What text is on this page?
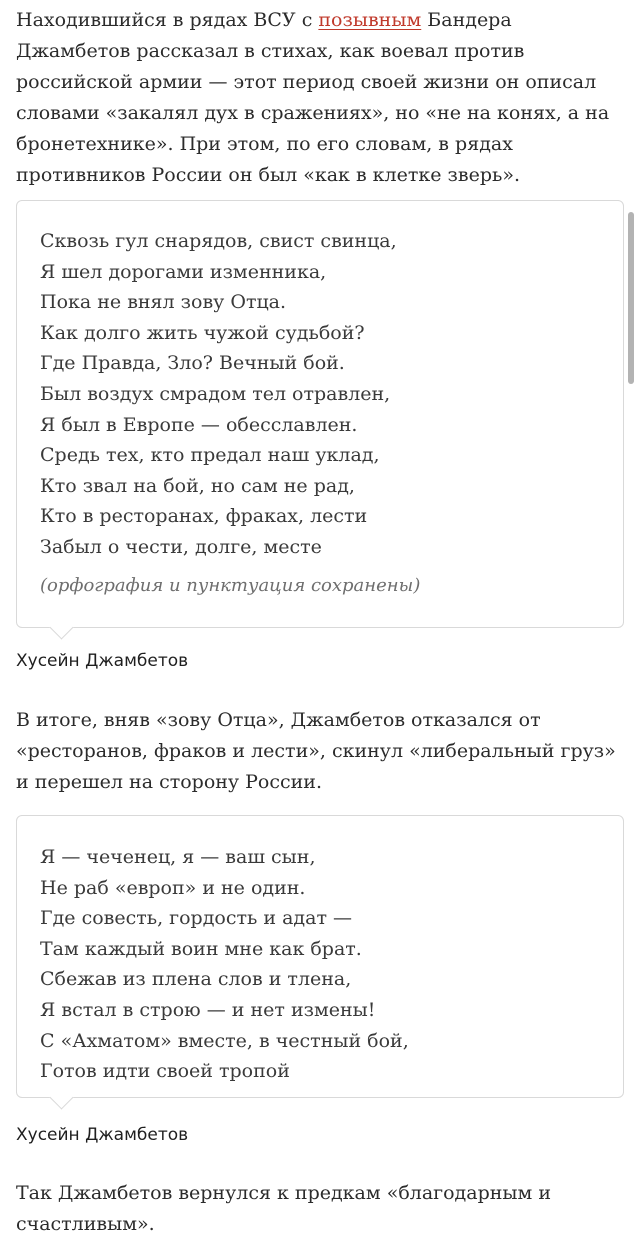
Находившийся в рядах ВСУ с позывным Бандера Джамбетов рассказал в стихах, как воевал против российской армии — этот период своей жизни он описал словами «закалял дух в сражениях», но «не на конях, а на бронетехнике». При этом, по его словам, в рядах противников России он был «как в клетке зверь».

Сквозь гул снарядов, свист свинца,
Я шел дорогами изменника,
Пока не внял зову Отца.
Как долго жить чужой судьбой?
Где Правда, Зло? Вечный бой.
Был воздух смрадом тел отравлен,
Я был в Европе — обесславлен.
Средь тех, кто предал наш уклад,
Кто звал на бой, но сам не рад,
Кто в ресторанах, фраках, лести
Забыл о чести, долге, месте
(орфография и пунктуация сохранены)
Хусейн Джамбетов

В итоге, вняв «зову Отца», Джамбетов отказался от «ресторанов, фраков и лести», скинул «либеральный груз» и перешел на сторону России.

Я — чеченец, я — ваш сын,
Не раб «европ» и не один.
Где совесть, гордость и адат —
Там каждый воин мне как брат.
Сбежав из плена слов и тлена,
Я встал в строю — и нет измены!
С «Ахматом» вместе, в честный бой,
Готов идти своей тропой
Хусейн Джамбетов

Так Джамбетов вернулся к предкам «благодарным и счастливым».
